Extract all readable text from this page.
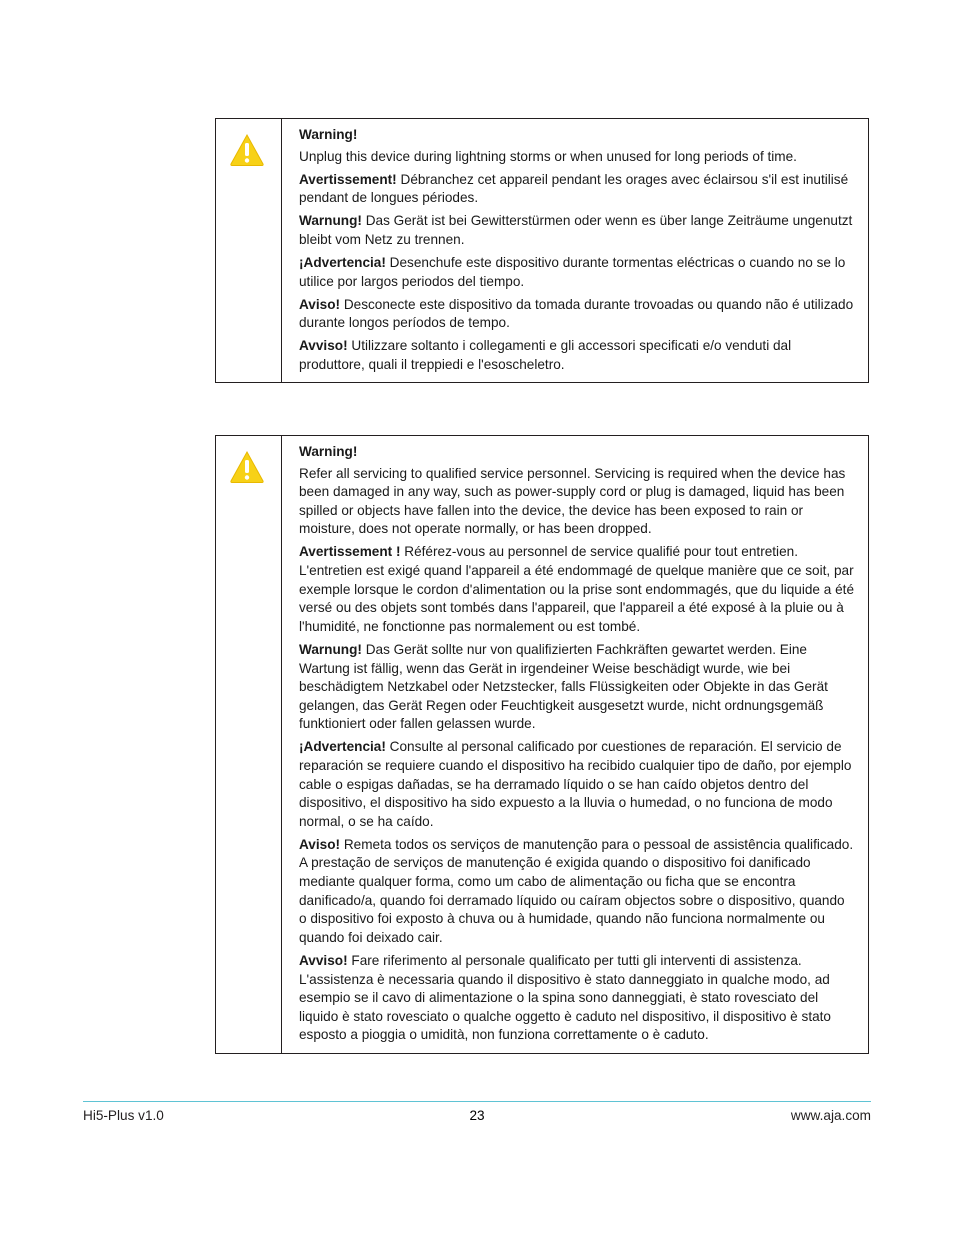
Warning!
Unplug this device during lightning storms or when unused for long periods of time.
Avertissement! Débranchez cet appareil pendant les orages avec éclairsou s'il est inutilisé pendant de longues périodes.
Warnung! Das Gerät ist bei Gewitterstürmen oder wenn es über lange Zeiträume ungenutzt bleibt vom Netz zu trennen.
¡Advertencia! Desenchufe este dispositivo durante tormentas eléctricas o cuando no se lo utilice por largos periodos del tiempo.
Aviso! Desconecte este dispositivo da tomada durante trovoadas ou quando não é utilizado durante longos períodos de tempo.
Avviso! Utilizzare soltanto i collegamenti e gli accessori specificati e/o venduti dal produttore, quali il treppiedi e l'esoscheletro.
Warning!
Refer all servicing to qualified service personnel. Servicing is required when the device has been damaged in any way, such as power-supply cord or plug is damaged, liquid has been spilled or objects have fallen into the device, the device has been exposed to rain or moisture, does not operate normally, or has been dropped.
Avertissement ! Référez-vous au personnel de service qualifié pour tout entretien. L'entretien est exigé quand l'appareil a été endommagé de quelque manière que ce soit, par exemple lorsque le cordon d'alimentation ou la prise sont endommagés, que du liquide a été versé ou des objets sont tombés dans l'appareil, que l'appareil a été exposé à la pluie ou à l'humidité, ne fonctionne pas normalement ou est tombé.
Warnung! Das Gerät sollte nur von qualifizierten Fachkräften gewartet werden. Eine Wartung ist fällig, wenn das Gerät in irgendeiner Weise beschädigt wurde, wie bei beschädigtem Netzkabel oder Netzstecker, falls Flüssigkeiten oder Objekte in das Gerät gelangen, das Gerät Regen oder Feuchtigkeit ausgesetzt wurde, nicht ordnungsgemäß funktioniert oder fallen gelassen wurde.
¡Advertencia! Consulte al personal calificado por cuestiones de reparación. El servicio de reparación se requiere cuando el dispositivo ha recibido cualquier tipo de daño, por ejemplo cable o espigas dañadas, se ha derramado líquido o se han caído objetos dentro del dispositivo, el dispositivo ha sido expuesto a la lluvia o humedad, o no funciona de modo normal, o se ha caído.
Aviso! Remeta todos os serviços de manutenção para o pessoal de assistência qualificado. A prestação de serviços de manutenção é exigida quando o dispositivo foi danificado mediante qualquer forma, como um cabo de alimentação ou ficha que se encontra danificado/a, quando foi derramado líquido ou caíram objectos sobre o dispositivo, quando o dispositivo foi exposto à chuva ou à humidade, quando não funciona normalmente ou quando foi deixado cair.
Avviso! Fare riferimento al personale qualificato per tutti gli interventi di assistenza. L'assistenza è necessaria quando il dispositivo è stato danneggiato in qualche modo, ad esempio se il cavo di alimentazione o la spina sono danneggiati, è stato rovesciato del liquido è stato rovesciato o qualche oggetto è caduto nel dispositivo, il dispositivo è stato esposto a pioggia o umidità, non funziona correttamente o è caduto.
Hi5-Plus v1.0	23	www.aja.com
